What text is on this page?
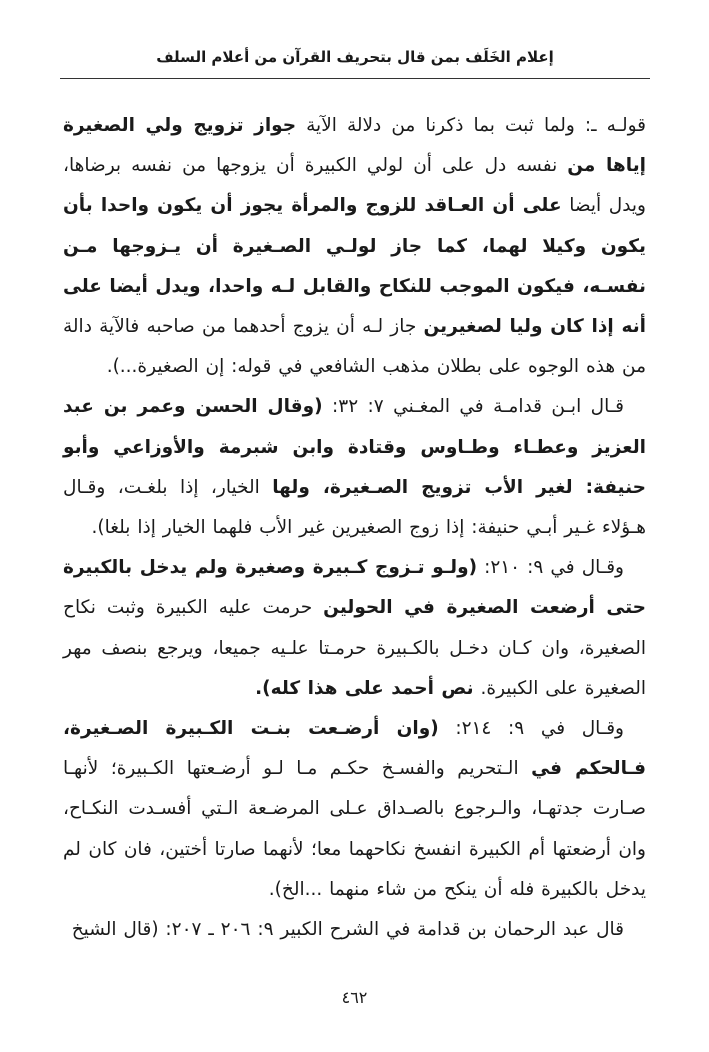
إعلام الخَلَف بمن قال بتحريف القرآن من أعلام السلف

قولـه ـ: ولما ثبت بما ذكرنا من دلالة الآية جواز تزويج ولي الصغيرة إياها من نفسه دل على أن لولي الكبيرة أن يزوجها من نفسه برضاها، ويدل أيضا على أن العـاقد للزوج والمرأة يجوز أن يكون واحدا بأن يكون وكيلا لهما، كما جاز لولـي الصـغيرة أن يـزوجها مـن نفسـه، فيكون الموجب للنكاح والقابل لـه واحدا، ويدل أيضا على أنه إذا كان وليا لصغيرين جاز لـه أن يزوج أحدهما من صاحبه فالآية دالة من هذه الوجوه على بطلان مذهب الشافعي في قوله: إن الصغيرة...).

قـال ابـن قدامـة في المغـني ٧: ٣٢: (وقال الحسن وعمر بن عبد العزيز وعطـاء وطـاوس وقتادة وابن شبرمة والأوزاعي وأبو حنيفة: لغير الأب تزويج الصـغيرة، ولها الخيار، إذا بلغـت، وقـال هـؤلاء غـير أبـي حنيفة: إذا زوج الصغيرين غير الأب فلهما الخيار إذا بلغا).

وقـال في ٩: ٢١٠: (ولـو تـزوج كـبيرة وصغيرة ولم يدخل بالكبيرة حتى أرضعت الصغيرة في الحولين حرمت عليه الكبيرة وثبت نكاح الصغيرة، وان كـان دخـل بالكـبيرة حرمـتا علـيه جميعا، ويرجع بنصف مهر الصغيرة على الكبيرة. نص أحمد على هذا كله).

وقـال في ٩: ٢١٤: (وان أرضـعت بنـت الكـبيرة الصـغيرة، فـالحكم في الـتحريم والفسـخ حكـم مـا لـو أرضـعتها الكـبيرة؛ لأنهـا صـارت جدتهـا، والـرجوع بالصـداق عـلى المرضـعة الـتي أفسـدت النكـاح، وان أرضعتها أم الكبيرة انفسخ نكاحهما معا؛ لأنهما صارتا أختين، فان كان لم يدخل بالكبيرة فله أن ينكح من شاء منهما ...الخ).

قال عبد الرحمان بن قدامة في الشرح الكبير ٩: ٢٠٦ ـ ٢٠٧: (قال الشيخ

٤٦٢
